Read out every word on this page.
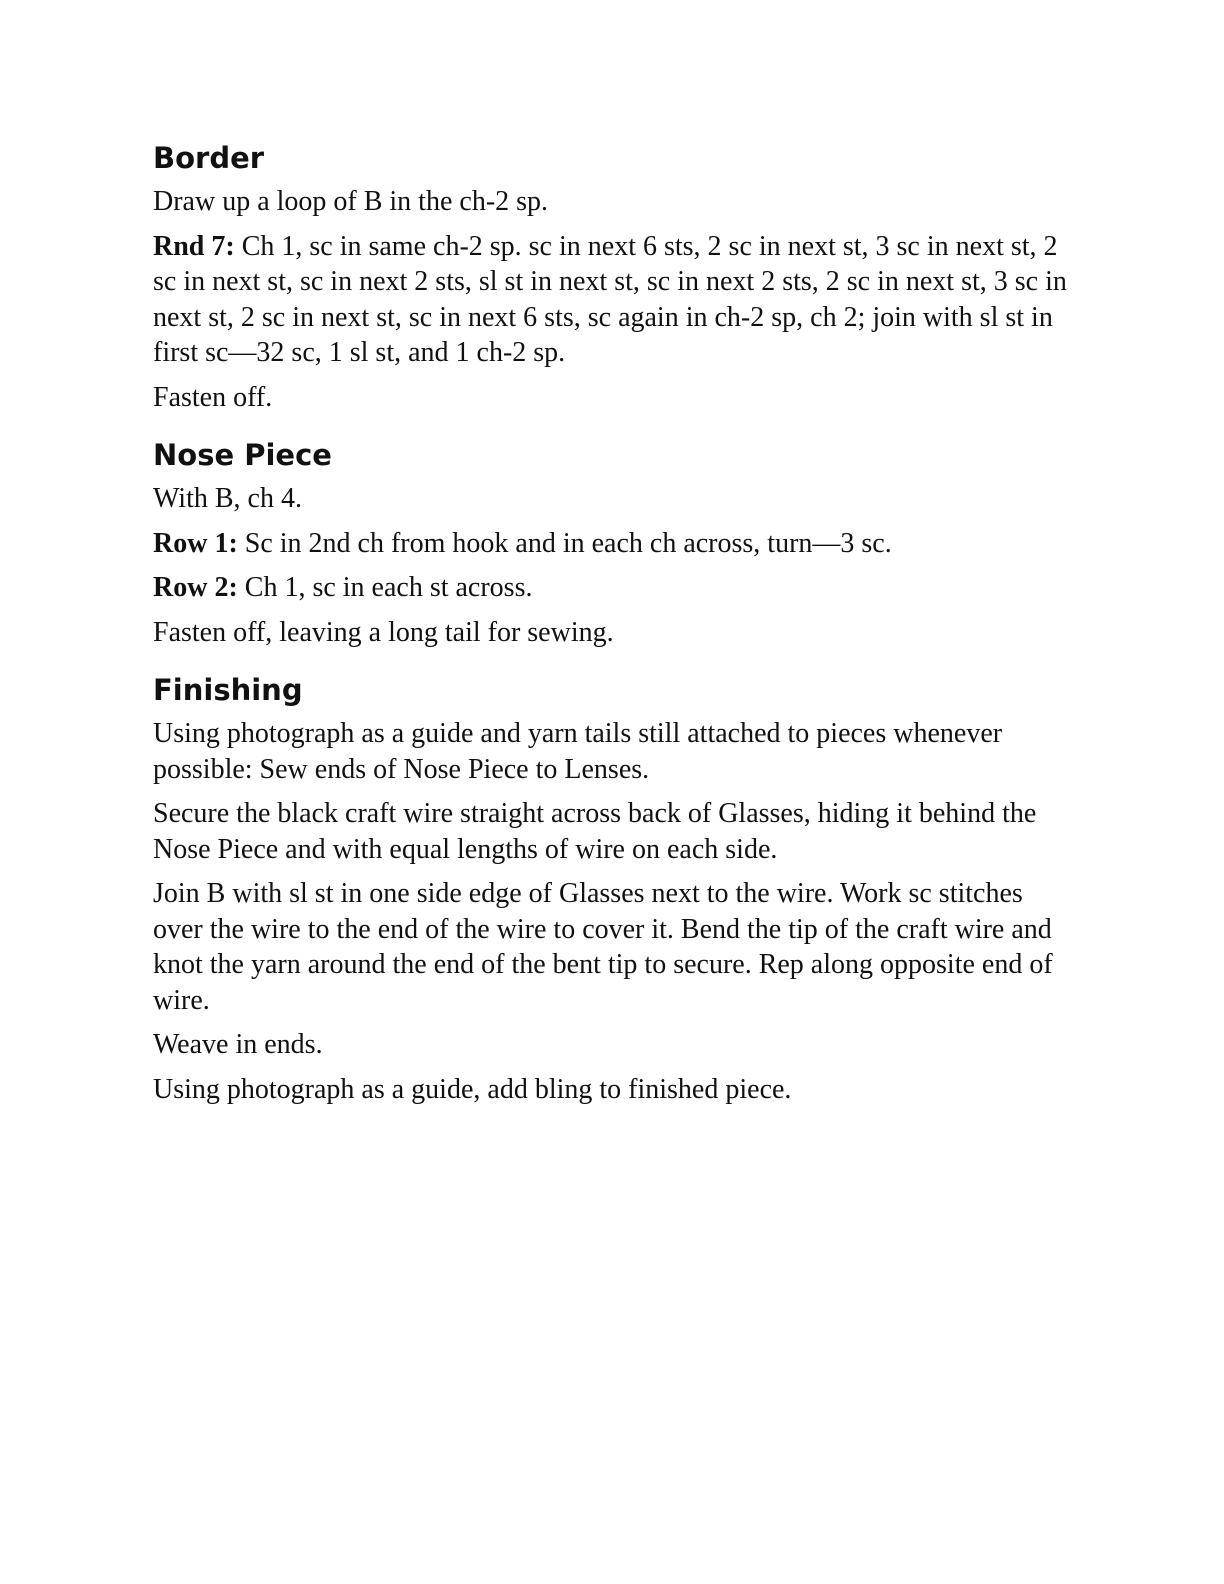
Border

Draw up a loop of B in the ch-2 sp.

Rnd 7: Ch 1, sc in same ch-2 sp. sc in next 6 sts, 2 sc in next st, 3 sc in next st, 2 sc in next st, sc in next 2 sts, sl st in next st, sc in next 2 sts, 2 sc in next st, 3 sc in next st, 2 sc in next st, sc in next 6 sts, sc again in ch-2 sp, ch 2; join with sl st in first sc—32 sc, 1 sl st, and 1 ch-2 sp.

Fasten off.

Nose Piece

With B, ch 4.

Row 1: Sc in 2nd ch from hook and in each ch across, turn—3 sc.

Row 2: Ch 1, sc in each st across.

Fasten off, leaving a long tail for sewing.

Finishing

Using photograph as a guide and yarn tails still attached to pieces whenever possible: Sew ends of Nose Piece to Lenses.

Secure the black craft wire straight across back of Glasses, hiding it behind the Nose Piece and with equal lengths of wire on each side.

Join B with sl st in one side edge of Glasses next to the wire. Work sc stitches over the wire to the end of the wire to cover it. Bend the tip of the craft wire and knot the yarn around the end of the bent tip to secure. Rep along opposite end of wire.

Weave in ends.

Using photograph as a guide, add bling to finished piece.
